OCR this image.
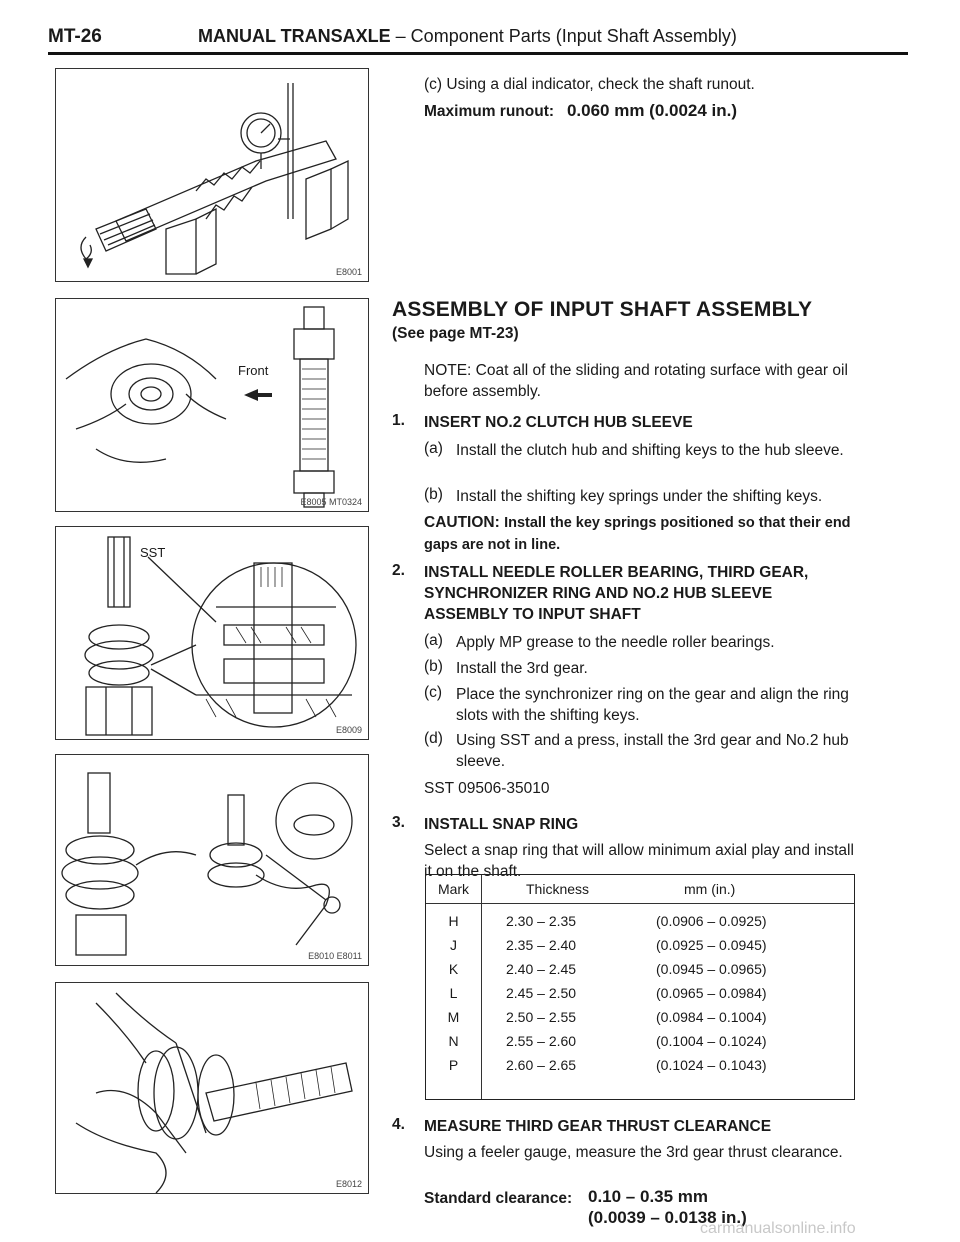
MT-26	MANUAL TRANSAXLE – Component Parts (Input Shaft Assembly)
E8001
Front
E8005 MT0324
SST
E8009
E8010 E8011
E8012
(c) Using a dial indicator, check the shaft runout.
Maximum runout: 0.060 mm (0.0024 in.)
ASSEMBLY OF INPUT SHAFT ASSEMBLY
(See page MT-23)
NOTE: Coat all of the sliding and rotating surface with gear oil before assembly.
1. INSERT NO.2 CLUTCH HUB SLEEVE
(a) Install the clutch hub and shifting keys to the hub sleeve.
(b) Install the shifting key springs under the shifting keys.
CAUTION: Install the key springs positioned so that their end gaps are not in line.
2. INSTALL NEEDLE ROLLER BEARING, THIRD GEAR,
SYNCHRONIZER RING AND NO.2 HUB SLEEVE
ASSEMBLY TO INPUT SHAFT
(a) Apply MP grease to the needle roller bearings.
(b) Install the 3rd gear.
(c) Place the synchronizer ring on the gear and align the ring slots with the shifting keys.
(d) Using SST and a press, install the 3rd gear and No.2 hub sleeve.
SST 09506-35010
3. INSTALL SNAP RING
Select a snap ring that will allow minimum axial play and install it on the shaft.
Mark	Thickness	mm (in.)
H	2.30 – 2.35	(0.0906 – 0.0925)
J	2.35 – 2.40	(0.0925 – 0.0945)
K	2.40 – 2.45	(0.0945 – 0.0965)
L	2.45 – 2.50	(0.0965 – 0.0984)
M	2.50 – 2.55	(0.0984 – 0.1004)
N	2.55 – 2.60	(0.1004 – 0.1024)
P	2.60 – 2.65	(0.1024 – 0.1043)
4. MEASURE THIRD GEAR THRUST CLEARANCE
Using a feeler gauge, measure the 3rd gear thrust clearance.
Standard clearance: 0.10 – 0.35 mm
(0.0039 – 0.0138 in.)
carmanualsonline.info
